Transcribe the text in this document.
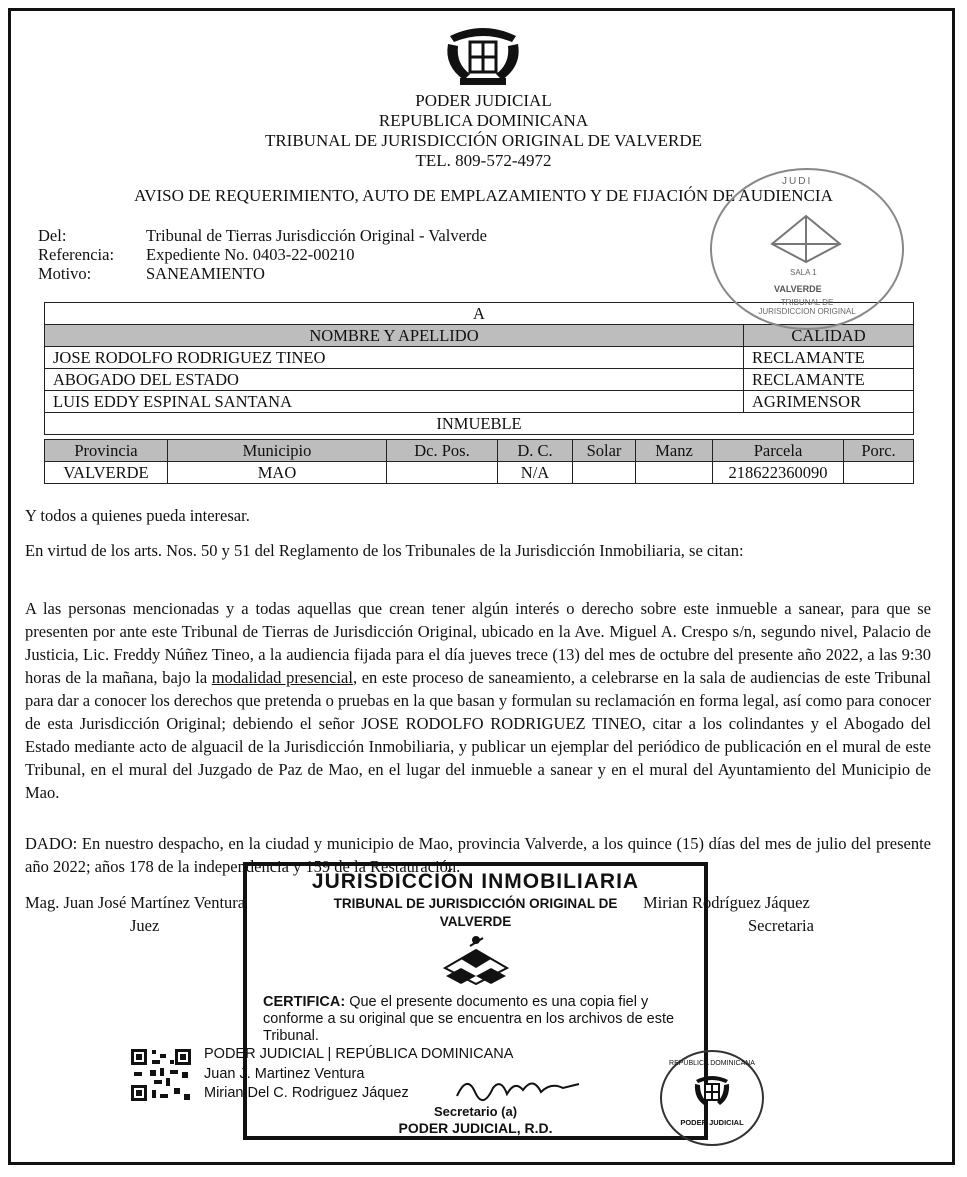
PODER JUDICIAL
REPUBLICA DOMINICANA
TRIBUNAL DE JURISDICCIÓN ORIGINAL DE VALVERDE
TEL. 809-572-4972
AVISO DE REQUERIMIENTO, AUTO DE EMPLAZAMIENTO Y DE FIJACIÓN DE AUDIENCIA
Del:	Tribunal de Tierras Jurisdicción Original - Valverde
Referencia: Expediente No. 0403-22-00210
Motivo:	SANEAMIENTO
A	
NOMBRE Y APELLIDO	CALIDAD
JOSE RODOLFO RODRIGUEZ TINEO	RECLAMANTE
ABOGADO DEL ESTADO	RECLAMANTE
LUIS EDDY ESPINAL SANTANA	AGRIMENSOR
INMUEBLE	
Provincia	Municipio	Dc. Pos.	D. C.	Solar	Manz	Parcela	Porc.
VALVERDE	MAO		N/A			218622360090	
Y todos a quienes pueda interesar.
En virtud de los arts. Nos. 50 y 51 del Reglamento de los Tribunales de la Jurisdicción Inmobiliaria, se citan:
A las personas mencionadas y a todas aquellas que crean tener algún interés o derecho sobre este inmueble a sanear, para que se presenten por ante este Tribunal de Tierras de Jurisdicción Original, ubicado en la Ave. Miguel A. Crespo s/n, segundo nivel, Palacio de Justicia, Lic. Freddy Núñez Tineo, a la audiencia fijada para el día jueves trece (13) del mes de octubre del presente año 2022, a las 9:30 horas de la mañana, bajo la modalidad presencial, en este proceso de saneamiento, a celebrarse en la sala de audiencias de este Tribunal para dar a conocer los derechos que pretenda o pruebas en la que basan y formulan su reclamación en forma legal, así como para conocer de esta Jurisdicción Original; debiendo el señor JOSE RODOLFO RODRIGUEZ TINEO, citar a los colindantes y el Abogado del Estado mediante acto de alguacil de la Jurisdicción Inmobiliaria, y publicar un ejemplar del periódico de publicación en el mural de este Tribunal, en el mural del Juzgado de Paz de Mao, en el lugar del inmueble a sanear y en el mural del Ayuntamiento del Municipio de Mao.
DADO: En nuestro despacho, en la ciudad y municipio de Mao, provincia Valverde, a los quince (15) días del mes de julio del presente año 2022; años 178 de la independencia y 159 de la Restauración.
Mag. Juan José Martínez Ventura
Juez
Mirian Rodríguez Jáquez
Secretaria
JUDI
TRIBUNAL DE JURISDICCION ORIGINAL
SALA 1
VALVERDE
JURISDICCIÓN INMOBILIARIA
TRIBUNAL DE JURISDICCIÓN ORIGINAL DE
VALVERDE
CERTIFICA: Que el presente documento es una copia fiel y conforme a su original que se encuentra en los archivos de este Tribunal.
Secretario (a)
PODER JUDICIAL, R.D.
PODER JUDICIAL | REPÚBLICA DOMINICANA
Juan J. Martinez Ventura
Mirian Del C. Rodriguez Jáquez
REPÚBLICA DOMINICANA
PODER JUDICIAL
